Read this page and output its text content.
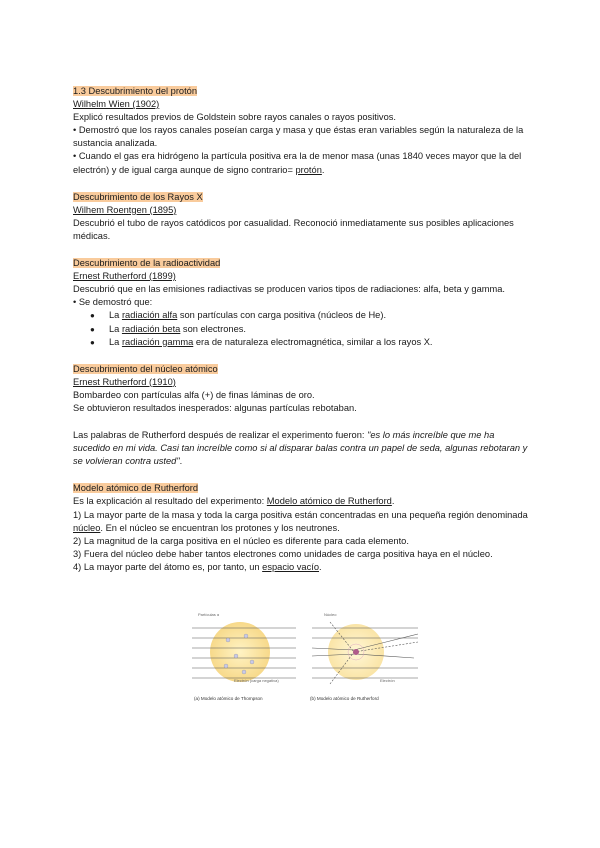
1.3 Descubrimiento del protón

Wilhelm Wien (1902)

Explicó resultados previos de Goldstein sobre rayos canales o rayos positivos.

• Demostró que los rayos canales poseían carga y masa y que éstas eran variables según la naturaleza de la sustancia analizada.

• Cuando el gas era hidrógeno la partícula positiva era la de menor masa (unas 1840 veces mayor que la del electrón) y de igual carga aunque de signo contrario= protón.

Descubrimiento de los Rayos X

Wilhem Roentgen (1895)

Descubrió el tubo de rayos catódicos por casualidad. Reconoció inmediatamente sus posibles aplicaciones médicas.

Descubrimiento de la radioactividad

Ernest Rutherford (1899)

Descubrió que en las emisiones radiactivas se producen varios tipos de radiaciones: alfa, beta y gamma.

• Se demostró que:

● La radiación alfa son partículas con carga positiva (núcleos de He).
● La radiación beta son electrones.
● La radiación gamma era de naturaleza electromagnética, similar a los rayos X.

Descubrimiento del núcleo atómico

Ernest Rutherford (1910)

Bombardeo con partículas alfa (+) de finas láminas de oro.

Se obtuvieron resultados inesperados: algunas partículas rebotaban.

Las palabras de Rutherford después de realizar el experimento fueron: "es lo más increíble que me ha sucedido en mi vida. Casi tan increíble como si al disparar balas contra un papel de seda, algunas rebotaran y se volvieran contra usted".

Modelo atómico de Rutherford

Es la explicación al resultado del experimento: Modelo atómico de Rutherford.

1) La mayor parte de la masa y toda la carga positiva están concentradas en una pequeña región denominada núcleo. En el núcleo se encuentran los protones y los neutrones.

2) La magnitud de la carga positiva en el núcleo es diferente para cada elemento.

3) Fuera del núcleo debe haber tantos electrones como unidades de carga positiva haya en el núcleo.

4) La mayor parte del átomo es, por tanto, un espacio vacío.

Partículas α
Electrón (carga negativa)
(a) Modelo atómico de Thompson
Núcleo
Electrón
(b) Modelo atómico de Rutherford
